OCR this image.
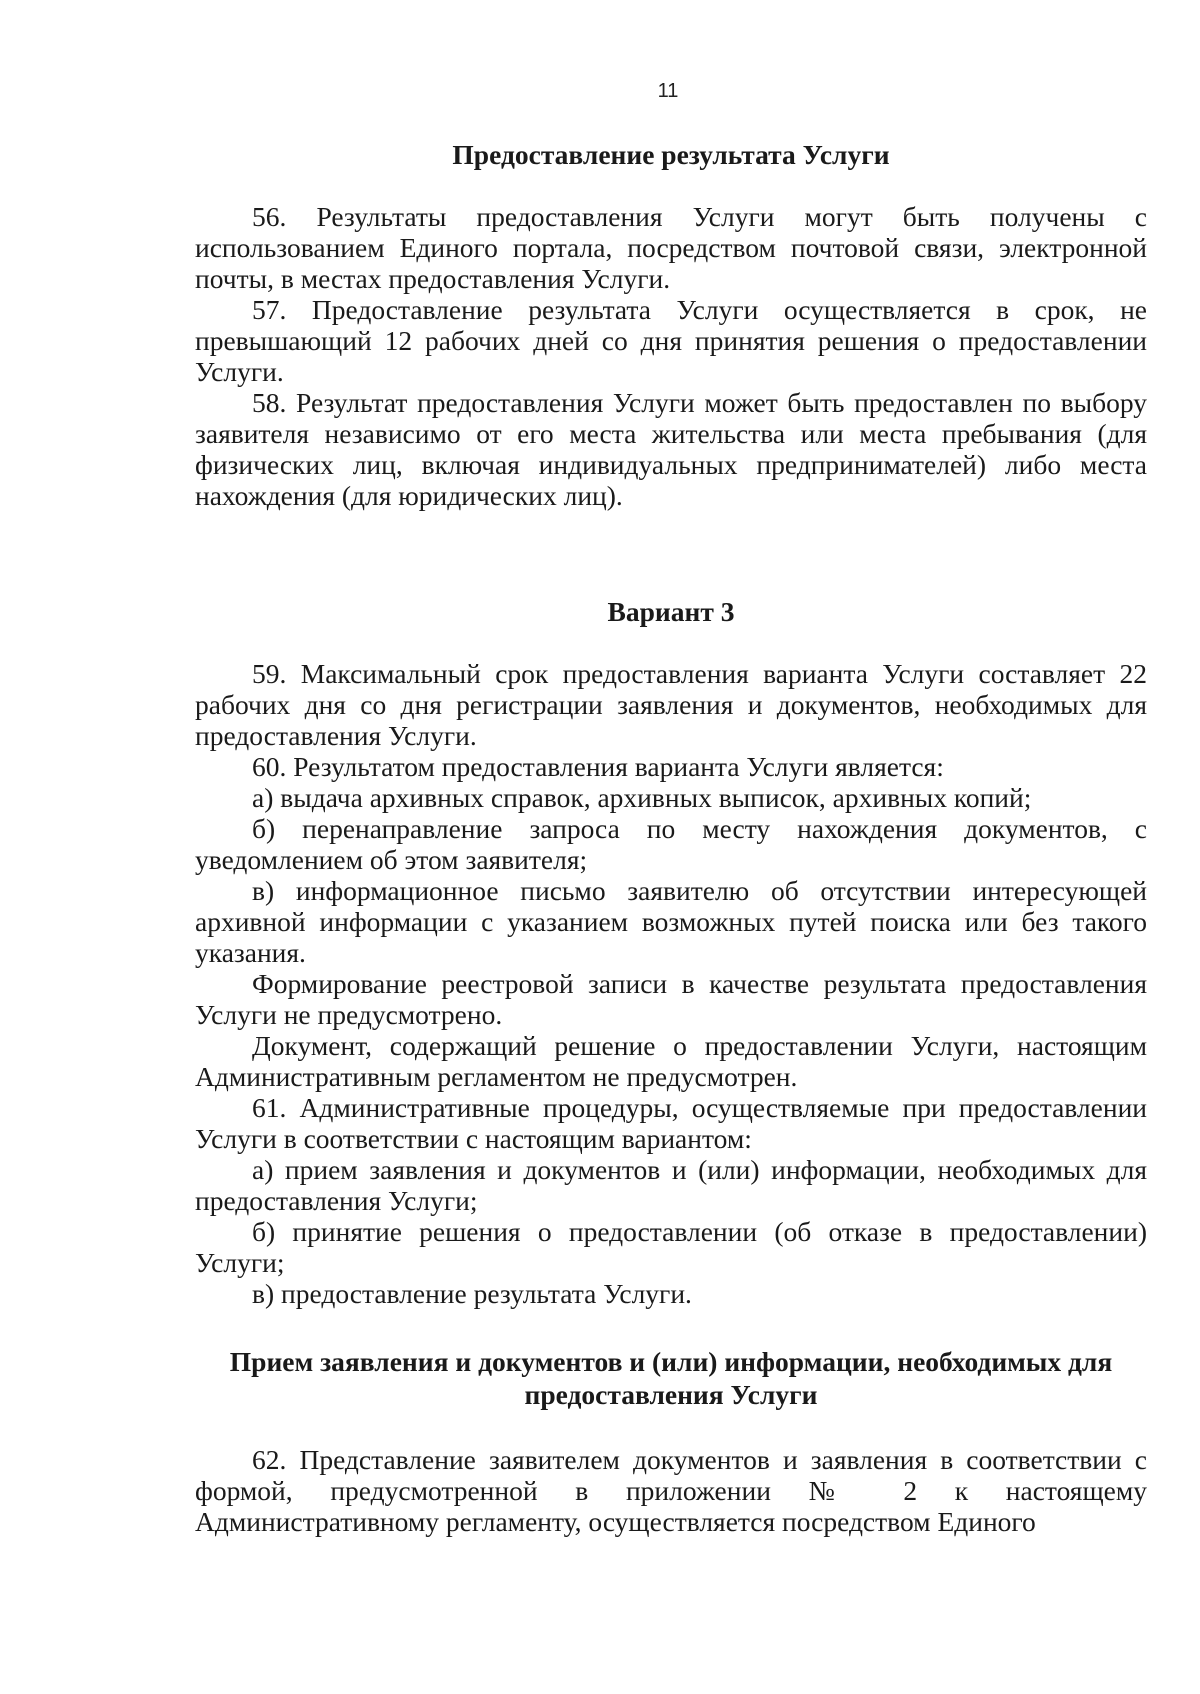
11
Предоставление результата Услуги

56. Результаты предоставления Услуги могут быть получены с использованием Единого портала, посредством почтовой связи, электронной почты, в местах предоставления Услуги.

57. Предоставление результата Услуги осуществляется в срок, не превышающий 12 рабочих дней со дня принятия решения о предоставлении Услуги.

58. Результат предоставления Услуги может быть предоставлен по выбору заявителя независимо от его места жительства или места пребывания (для физических лиц, включая индивидуальных предпринимателей) либо места нахождения (для юридических лиц).

Вариант 3

59. Максимальный срок предоставления варианта Услуги составляет 22 рабочих дня со дня регистрации заявления и документов, необходимых для предоставления Услуги.

60. Результатом предоставления варианта Услуги является:

а) выдача архивных справок, архивных выписок, архивных копий;

б) перенаправление запроса по месту нахождения документов, с уведомлением об этом заявителя;

в) информационное письмо заявителю об отсутствии интересующей архивной информации с указанием возможных путей поиска или без такого указания.

Формирование реестровой записи в качестве результата предоставления Услуги не предусмотрено.

Документ, содержащий решение о предоставлении Услуги, настоящим Административным регламентом не предусмотрен.

61. Административные процедуры, осуществляемые при предоставлении Услуги в соответствии с настоящим вариантом:

а) прием заявления и документов и (или) информации, необходимых для предоставления Услуги;

б) принятие решения о предоставлении (об отказе в предоставлении) Услуги;

в) предоставление результата Услуги.

Прием заявления и документов и (или) информации, необходимых для предоставления Услуги

62. Представление заявителем документов и заявления в соответствии с формой, предусмотренной в приложении № 2 к настоящему Административному регламенту, осуществляется посредством Единого
